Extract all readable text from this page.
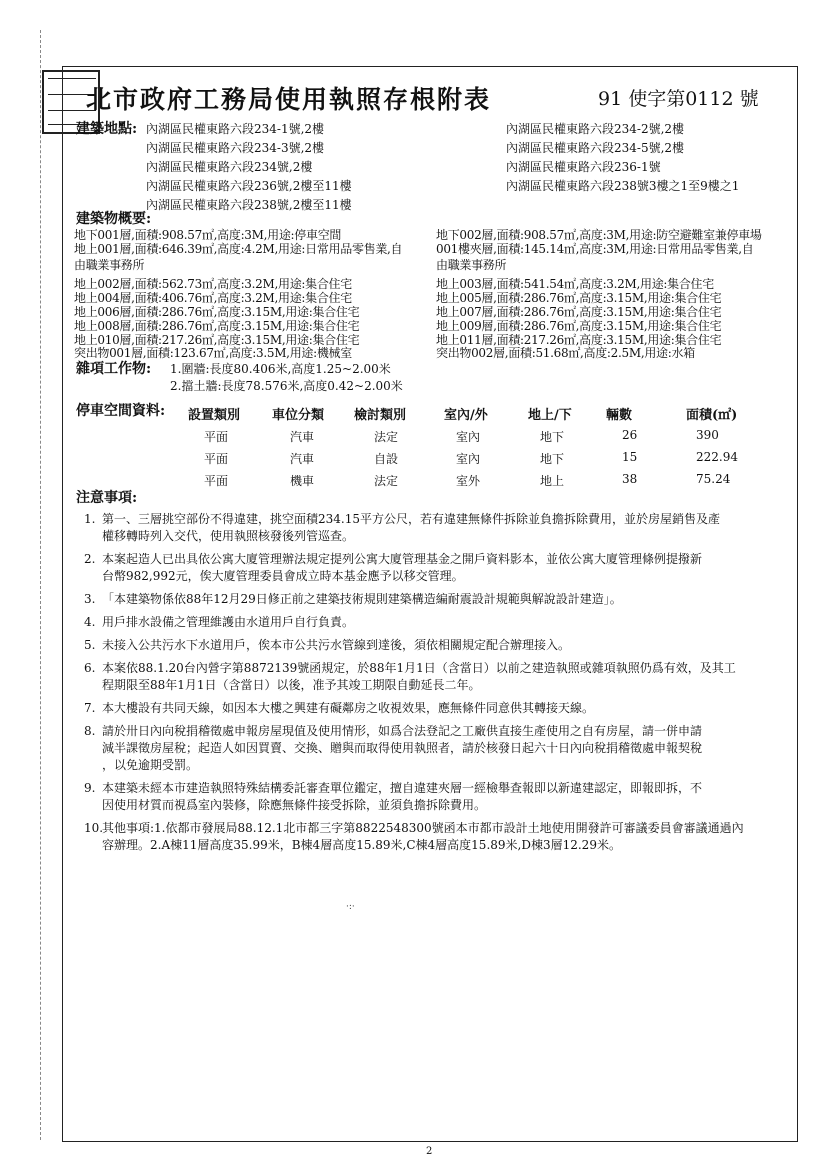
北市政府工務局使用執照存根附表	91 使字第0112 號
建築地點: 內湖區民權東路六段234-1號,2樓
內湖區民權東路六段234-3號,2樓
內湖區民權東路六段234號,2樓
內湖區民權東路六段236號,2樓至11樓
內湖區民權東路六段238號,2樓至11樓
內湖區民權東路六段234-2號,2樓
內湖區民權東路六段234-5號,2樓
內湖區民權東路六段236-1號
內湖區民權東路六段238號3樓之1至9樓之1
建築物概要:
地下001層,面積:908.57㎡,高度:3M,用途:停車空間
地上001層,面積:646.39㎡,高度:4.2M,用途:日常用品零售業,自
由職業事務所
地上002層,面積:562.73㎡,高度:3.2M,用途:集合住宅
地上004層,面積:406.76㎡,高度:3.2M,用途:集合住宅
地上006層,面積:286.76㎡,高度:3.15M,用途:集合住宅
地上008層,面積:286.76㎡,高度:3.15M,用途:集合住宅
地上010層,面積:217.26㎡,高度:3.15M,用途:集合住宅
突出物001層,面積:123.67㎡,高度:3.5M,用途:機械室
地下002層,面積:908.57㎡,高度:3M,用途:防空避難室兼停車場
001樓夾層,面積:145.14㎡,高度:3M,用途:日常用品零售業,自
由職業事務所
地上003層,面積:541.54㎡,高度:3.2M,用途:集合住宅
地上005層,面積:286.76㎡,高度:3.15M,用途:集合住宅
地上007層,面積:286.76㎡,高度:3.15M,用途:集合住宅
地上009層,面積:286.76㎡,高度:3.15M,用途:集合住宅
地上011層,面積:217.26㎡,高度:3.15M,用途:集合住宅
突出物002層,面積:51.68㎡,高度:2.5M,用途:水箱
雜項工作物: 1.圍牆:長度80.406米,高度1.25~2.00米
2.擋土牆:長度78.576米,高度0.42~2.00米
停車空間資料: 設置類別 車位分類 檢討類別	室內/外	地上/下	輛數	面積(㎡)
平面	汽車	法定	室內	地下	26	390
平面	汽車	自設	室內	地下	15	222.94
平面	機車	法定	室外	地上	38	75.24
注意事項:
1. 第一、三層挑空部份不得違建，挑空面積234.15平方公尺，若有違建無條件拆除並負擔拆除費用，並於房屋銷售及產
權移轉時列入交代，使用執照核發後列管巡查。
2. 本案起造人已出具依公寓大廈管理辦法規定提列公寓大廈管理基金之開戶資料影本，並依公寓大廈管理條例提撥新
台幣982,992元，俟大廈管理委員會成立時本基金應予以移交管理。
3. 「本建築物係依88年12月29日修正前之建築技術規則建築構造編耐震設計規範與解說設計建造」。
4. 用戶排水設備之管理維護由水道用戶自行負責。
5. 未接入公共污水下水道用戶，俟本市公共污水管線到達後，須依相關規定配合辦理接入。
6. 本案依88.1.20台內營字第8872139號函規定，於88年1月1日（含當日）以前之建造執照或雜項執照仍爲有效，及其工
程期限至88年1月1日（含當日）以後，准予其竣工期限自動延長二年。
7. 本大樓設有共同天線，如因本大樓之興建有礙鄰房之收視效果，應無條件同意供其轉接天線。
8. 請於卅日內向稅捐稽徵處申報房屋現值及使用情形，如爲合法登記之工廠供直接生產使用之自有房屋，請一併申請
減半課徵房屋稅；起造人如因買賣、交換、贈與而取得使用執照者，請於核發日起六十日內向稅捐稽徵處申報契稅
，以免逾期受罰。
9. 本建築未經本市建造執照特殊結構委託審查單位鑑定，擅自違建夾層一經檢舉查報即以新違建認定，即報即拆，不
因使用材質而視爲室內裝修，除應無條件接受拆除，並須負擔拆除費用。
10.
其他事項:1.依都市發展局88.12.1北市都三字第8822548300號函本市都市設計土地使用開發許可審議委員會審議通過內
容辦理。2.A棟11層高度35.99米，B棟4層高度15.89米,C棟4層高度15.89米,D棟3層12.29米。
·:·
2
